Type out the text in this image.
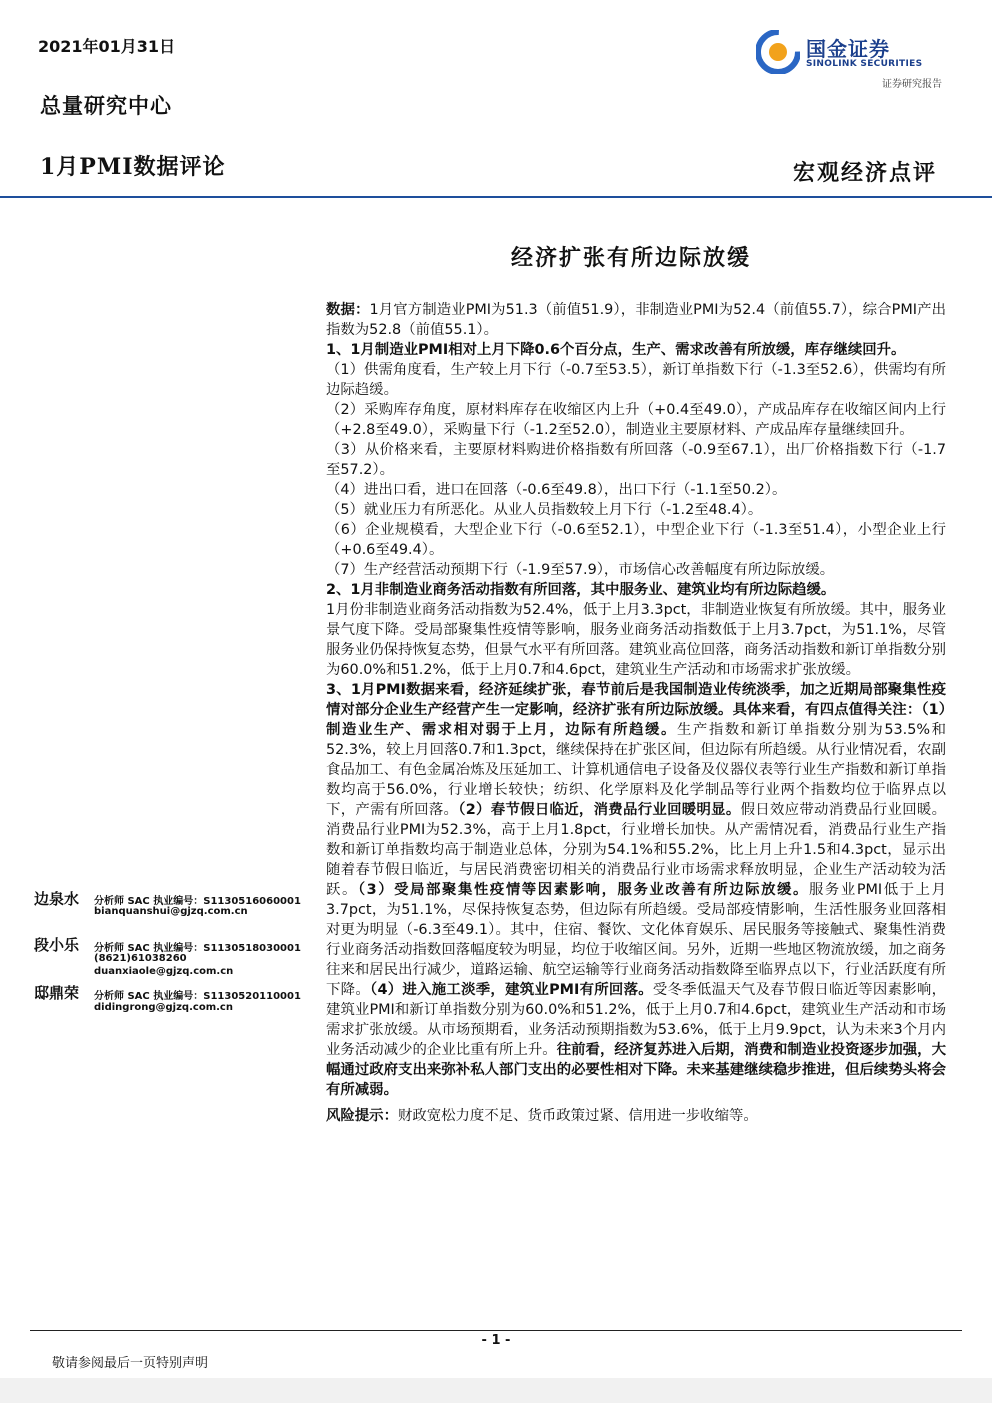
2021年01月31日
总量研究中心
1月PMI数据评论	宏观经济点评
国金证券
SINOLINK SECURITIES
证券研究报告
经济扩张有所边际放缓

数据：1月官方制造业PMI为51.3（前值51.9），非制造业PMI为52.4（前值55.7），综合PMI产出指数为52.8（前值55.1）。

1、1月制造业PMI相对上月下降0.6个百分点，生产、需求改善有所放缓，库存继续回升。

（1）供需角度看，生产较上月下行（-0.7至53.5），新订单指数下行（-1.3至52.6），供需均有所边际趋缓。

（2）采购库存角度，原材料库存在收缩区内上升（+0.4至49.0），产成品库存在收缩区间内上行（+2.8至49.0），采购量下行（-1.2至52.0），制造业主要原材料、产成品库存量继续回升。

（3）从价格来看，主要原材料购进价格指数有所回落（-0.9至67.1），出厂价格指数下行（-1.7至57.2）。

（4）进出口看，进口在回落（-0.6至49.8），出口下行（-1.1至50.2）。

（5）就业压力有所恶化。从业人员指数较上月下行（-1.2至48.4）。

（6）企业规模看，大型企业下行（-0.6至52.1），中型企业下行（-1.3至51.4），小型企业上行（+0.6至49.4）。

（7）生产经营活动预期下行（-1.9至57.9），市场信心改善幅度有所边际放缓。

2、1月非制造业商务活动指数有所回落，其中服务业、建筑业均有所边际趋缓。

1月份非制造业商务活动指数为52.4%，低于上月3.3pct，非制造业恢复有所放缓。其中，服务业景气度下降。受局部聚集性疫情等影响，服务业商务活动指数低于上月3.7pct，为51.1%，尽管服务业仍保持恢复态势，但景气水平有所回落。建筑业高位回落，商务活动指数和新订单指数分别为60.0%和51.2%，低于上月0.7和4.6pct，建筑业生产活动和市场需求扩张放缓。

3、1月PMI数据来看，经济延续扩张，春节前后是我国制造业传统淡季，加之近期局部聚集性疫情对部分企业生产经营产生一定影响，经济扩张有所边际放缓。具体来看，有四点值得关注：（1）制造业生产、需求相对弱于上月，边际有所趋缓。生产指数和新订单指数分别为53.5%和52.3%，较上月回落0.7和1.3pct，继续保持在扩张区间，但边际有所趋缓。从行业情况看，农副食品加工、有色金属冶炼及压延加工、计算机通信电子设备及仪器仪表等行业生产指数和新订单指数均高于56.0%，行业增长较快；纺织、化学原料及化学制品等行业两个指数均位于临界点以下，产需有所回落。（2）春节假日临近，消费品行业回暖明显。假日效应带动消费品行业回暖。消费品行业PMI为52.3%，高于上月1.8pct，行业增长加快。从产需情况看，消费品行业生产指数和新订单指数均高于制造业总体，分别为54.1%和55.2%，比上月上升1.5和4.3pct，显示出随着春节假日临近，与居民消费密切相关的消费品行业市场需求释放明显，企业生产活动较为活跃。（3）受局部聚集性疫情等因素影响，服务业改善有所边际放缓。服务业PMI低于上月3.7pct，为51.1%，尽保持恢复态势，但边际有所趋缓。受局部疫情影响，生活性服务业回落相对更为明显（-6.3至49.1）。其中，住宿、餐饮、文化体育娱乐、居民服务等接触式、聚集性消费行业商务活动指数回落幅度较为明显，均位于收缩区间。另外，近期一些地区物流放缓，加之商务往来和居民出行减少，道路运输、航空运输等行业商务活动指数降至临界点以下，行业活跃度有所下降。（4）进入施工淡季，建筑业PMI有所回落。受冬季低温天气及春节假日临近等因素影响，建筑业PMI和新订单指数分别为60.0%和51.2%，低于上月0.7和4.6pct，建筑业生产活动和市场需求扩张放缓。从市场预期看，业务活动预期指数为53.6%，低于上月9.9pct，认为未来3个月内业务活动减少的企业比重有所上升。往前看，经济复苏进入后期，消费和制造业投资逐步加强，大幅通过政府支出来弥补私人部门支出的必要性相对下降。未来基建继续稳步推进，但后续势头将会有所减弱。

风险提示：财政宽松力度不足、货币政策过紧、信用进一步收缩等。

边泉水 分析师 SAC 执业编号：S1130516060001
bianquanshui@gjzq.com.cn
段小乐 分析师 SAC 执业编号：S1130518030001
(8621)61038260
duanxiaole@gjzq.com.cn
邸鼎荣 分析师 SAC 执业编号：S1130520110001
didingrong@gjzq.com.cn
- 1 -
敬请参阅最后一页特别声明
